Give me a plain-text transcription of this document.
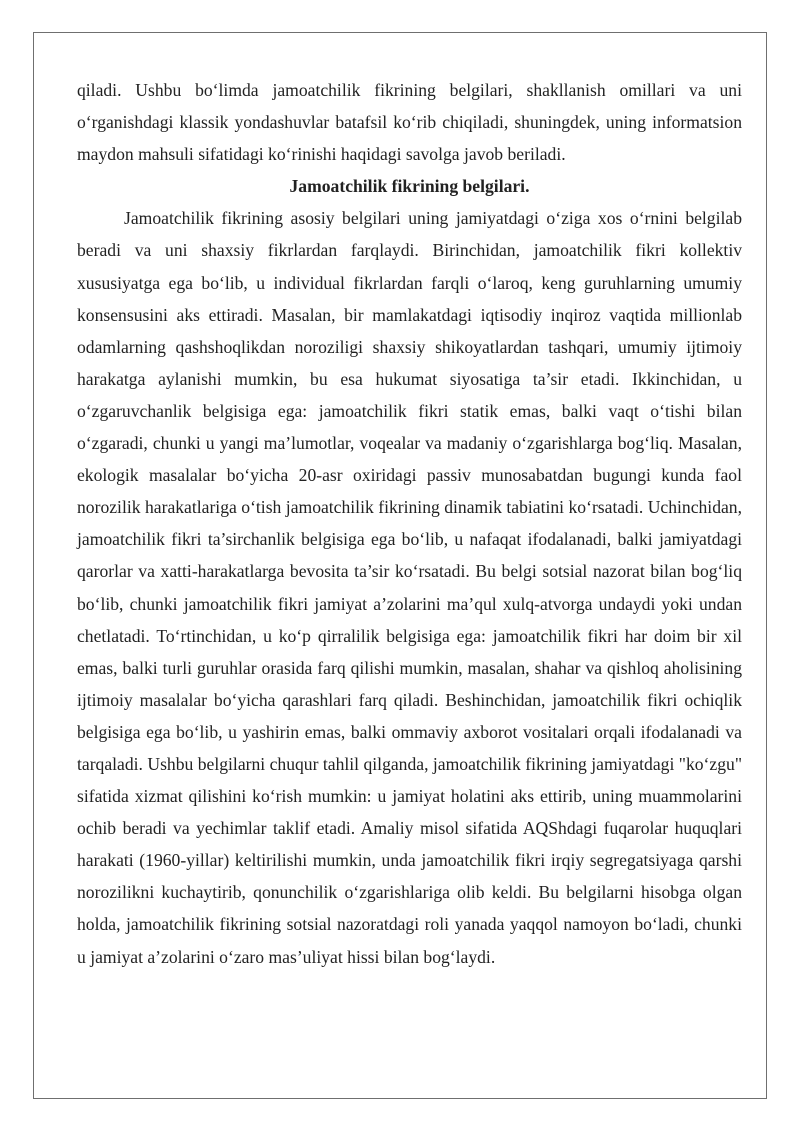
qiladi. Ushbu bo‘limda jamoatchilik fikrining belgilari, shakllanish omillari va uni o‘rganishdagi klassik yondashuvlar batafsil ko‘rib chiqiladi, shuningdek, uning informatsion maydon mahsuli sifatidagi ko‘rinishi haqidagi savolga javob beriladi.

Jamoatchilik fikrining belgilari.

Jamoatchilik fikrining asosiy belgilari uning jamiyatdagi o‘ziga xos o‘rnini belgilab beradi va uni shaxsiy fikrlardan farqlaydi. Birinchidan, jamoatchilik fikri kollektiv xususiyatga ega bo‘lib, u individual fikrlardan farqli o‘laroq, keng guruhlarning umumiy konsensusini aks ettiradi. Masalan, bir mamlakatdagi iqtisodiy inqiroz vaqtida millionlab odamlarning qashshoqlikdan noroziligi shaxsiy shikoyatlardan tashqari, umumiy ijtimoiy harakatga aylanishi mumkin, bu esa hukumat siyosatiga ta’sir etadi. Ikkinchidan, u o‘zgaruvchanlik belgisiga ega: jamoatchilik fikri statik emas, balki vaqt o‘tishi bilan o‘zgaradi, chunki u yangi ma’lumotlar, voqealar va madaniy o‘zgarishlarga bog‘liq. Masalan, ekologik masalalar bo‘yicha 20-asr oxiridagi passiv munosabatdan bugungi kunda faol norozilik harakatlariga o‘tish jamoatchilik fikrining dinamik tabiatini ko‘rsatadi. Uchinchidan, jamoatchilik fikri ta’sirchanlik belgisiga ega bo‘lib, u nafaqat ifodalanadi, balki jamiyatdagi qarorlar va xatti-harakatlarga bevosita ta’sir ko‘rsatadi. Bu belgi sotsial nazorat bilan bog‘liq bo‘lib, chunki jamoatchilik fikri jamiyat a’zolarini ma’qul xulq-atvorga undaydi yoki undan chetlatadi. To‘rtinchidan, u ko‘p qirralilik belgisiga ega: jamoatchilik fikri har doim bir xil emas, balki turli guruhlar orasida farq qilishi mumkin, masalan, shahar va qishloq aholisining ijtimoiy masalalar bo‘yicha qarashlari farq qiladi. Beshinchidan, jamoatchilik fikri ochiqlik belgisiga ega bo‘lib, u yashirin emas, balki ommaviy axborot vositalari orqali ifodalanadi va tarqaladi. Ushbu belgilarni chuqur tahlil qilganda, jamoatchilik fikrining jamiyatdagi "ko‘zgu" sifatida xizmat qilishini ko‘rish mumkin: u jamiyat holatini aks ettirib, uning muammolarini ochib beradi va yechimlar taklif etadi. Amaliy misol sifatida AQShdagi fuqarolar huquqlari harakati (1960-yillar) keltirilishi mumkin, unda jamoatchilik fikri irqiy segregatsiyaga qarshi norozilikni kuchaytirib, qonunchilik o‘zgarishlariga olib keldi. Bu belgilarni hisobga olgan holda, jamoatchilik fikrining sotsial nazoratdagi roli yanada yaqqol namoyon bo‘ladi, chunki u jamiyat a’zolarini o‘zaro mas’uliyat hissi bilan bog‘laydi.
